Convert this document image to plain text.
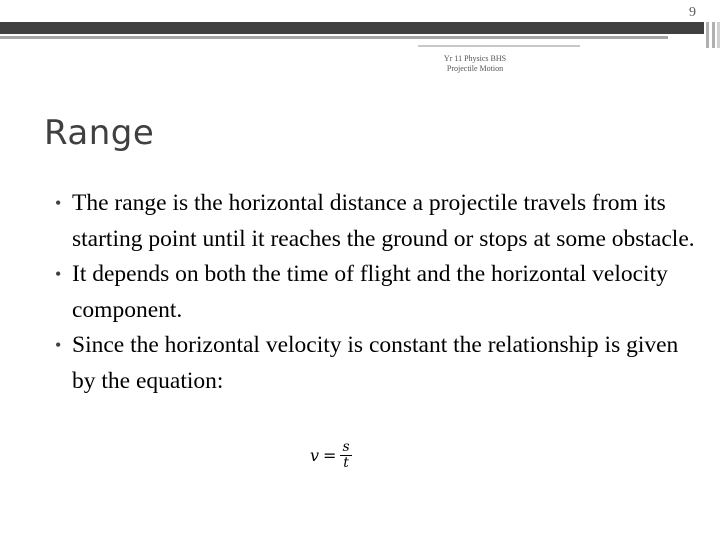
9
Yr 11 Physics BHS
Projectile Motion
Range
• The range is the horizontal distance a projectile travels from its starting point until it reaches the ground or stops at some obstacle.
• It depends on both the time of flight and the horizontal velocity component.
• Since the horizontal velocity is constant the relationship is given by the equation:
$v = \frac{s}{t}$
